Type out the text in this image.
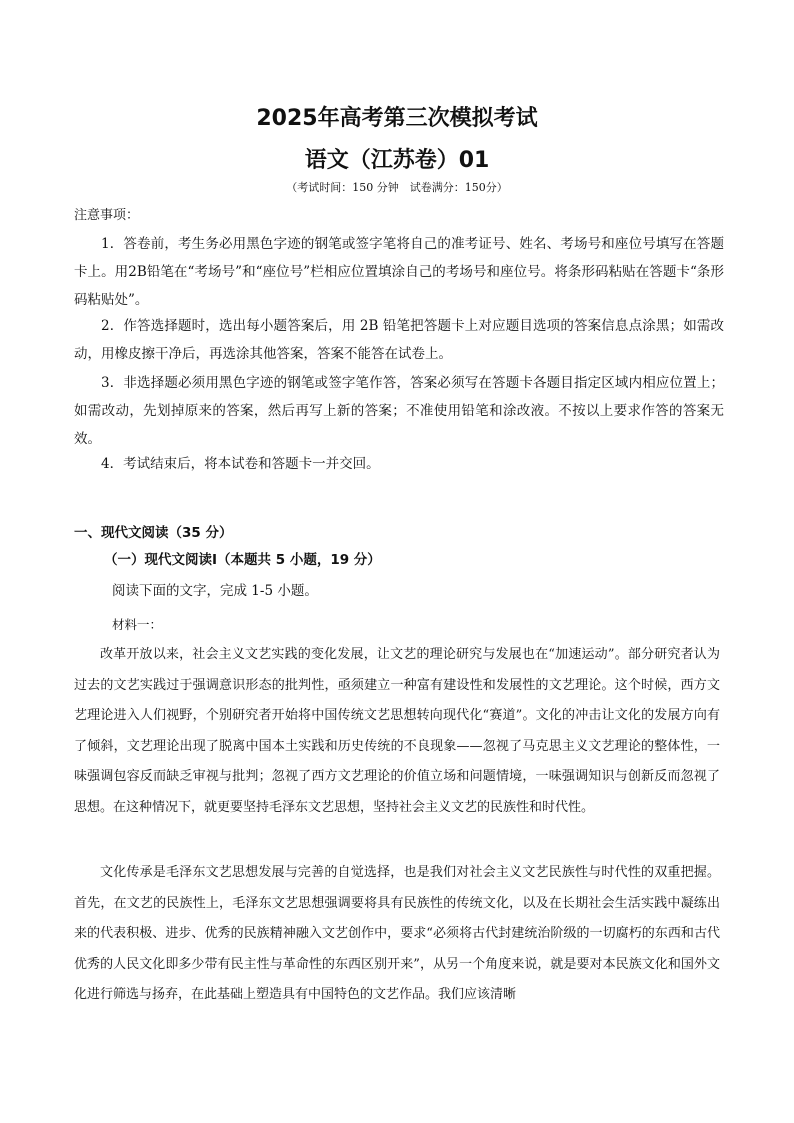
2025年高考第三次模拟考试
语文（江苏卷）01
（考试时间：150 分钟　试卷满分：150分）
注意事项：
1．答卷前，考生务必用黑色字迹的钢笔或签字笔将自己的准考证号、姓名、考场号和座位号填写在答题卡上。用2B铅笔在“考场号”和“座位号”栏相应位置填涂自己的考场号和座位号。将条形码粘贴在答题卡“条形码粘贴处”。
2．作答选择题时，选出每小题答案后，用 2B 铅笔把答题卡上对应题目选项的答案信息点涂黑；如需改动，用橡皮擦干净后，再选涂其他答案，答案不能答在试卷上。
3．非选择题必须用黑色字迹的钢笔或签字笔作答，答案必须写在答题卡各题目指定区域内相应位置上；如需改动，先划掉原来的答案，然后再写上新的答案；不准使用铅笔和涂改液。不按以上要求作答的答案无效。
4．考试结束后，将本试卷和答题卡一并交回。
一、现代文阅读（35 分）
（一）现代文阅读Ⅰ（本题共 5 小题，19 分）
阅读下面的文字，完成 1-5 小题。
材料一：
改革开放以来，社会主义文艺实践的变化发展，让文艺的理论研究与发展也在“加速运动”。部分研究者认为过去的文艺实践过于强调意识形态的批判性，亟须建立一种富有建设性和发展性的文艺理论。这个时候，西方文艺理论进入人们视野，个别研究者开始将中国传统文艺思想转向现代化“赛道”。文化的冲击让文化的发展方向有了倾斜，文艺理论出现了脱离中国本土实践和历史传统的不良现象——忽视了马克思主义文艺理论的整体性，一味强调包容反而缺乏审视与批判；忽视了西方文艺理论的价值立场和问题情境，一味强调知识与创新反而忽视了思想。在这种情况下，就更要坚持毛泽东文艺思想，坚持社会主义文艺的民族性和时代性。
文化传承是毛泽东文艺思想发展与完善的自觉选择，也是我们对社会主义文艺民族性与时代性的双重把握。首先，在文艺的民族性上，毛泽东文艺思想强调要将具有民族性的传统文化，以及在长期社会生活实践中凝练出来的代表积极、进步、优秀的民族精神融入文艺创作中，要求“必须将古代封建统治阶级的一切腐朽的东西和古代优秀的人民文化即多少带有民主性与革命性的东西区别开来”，从另一个角度来说，就是要对本民族文化和国外文化进行筛选与扬弃，在此基础上塑造具有中国特色的文艺作品。我们应该清晰
